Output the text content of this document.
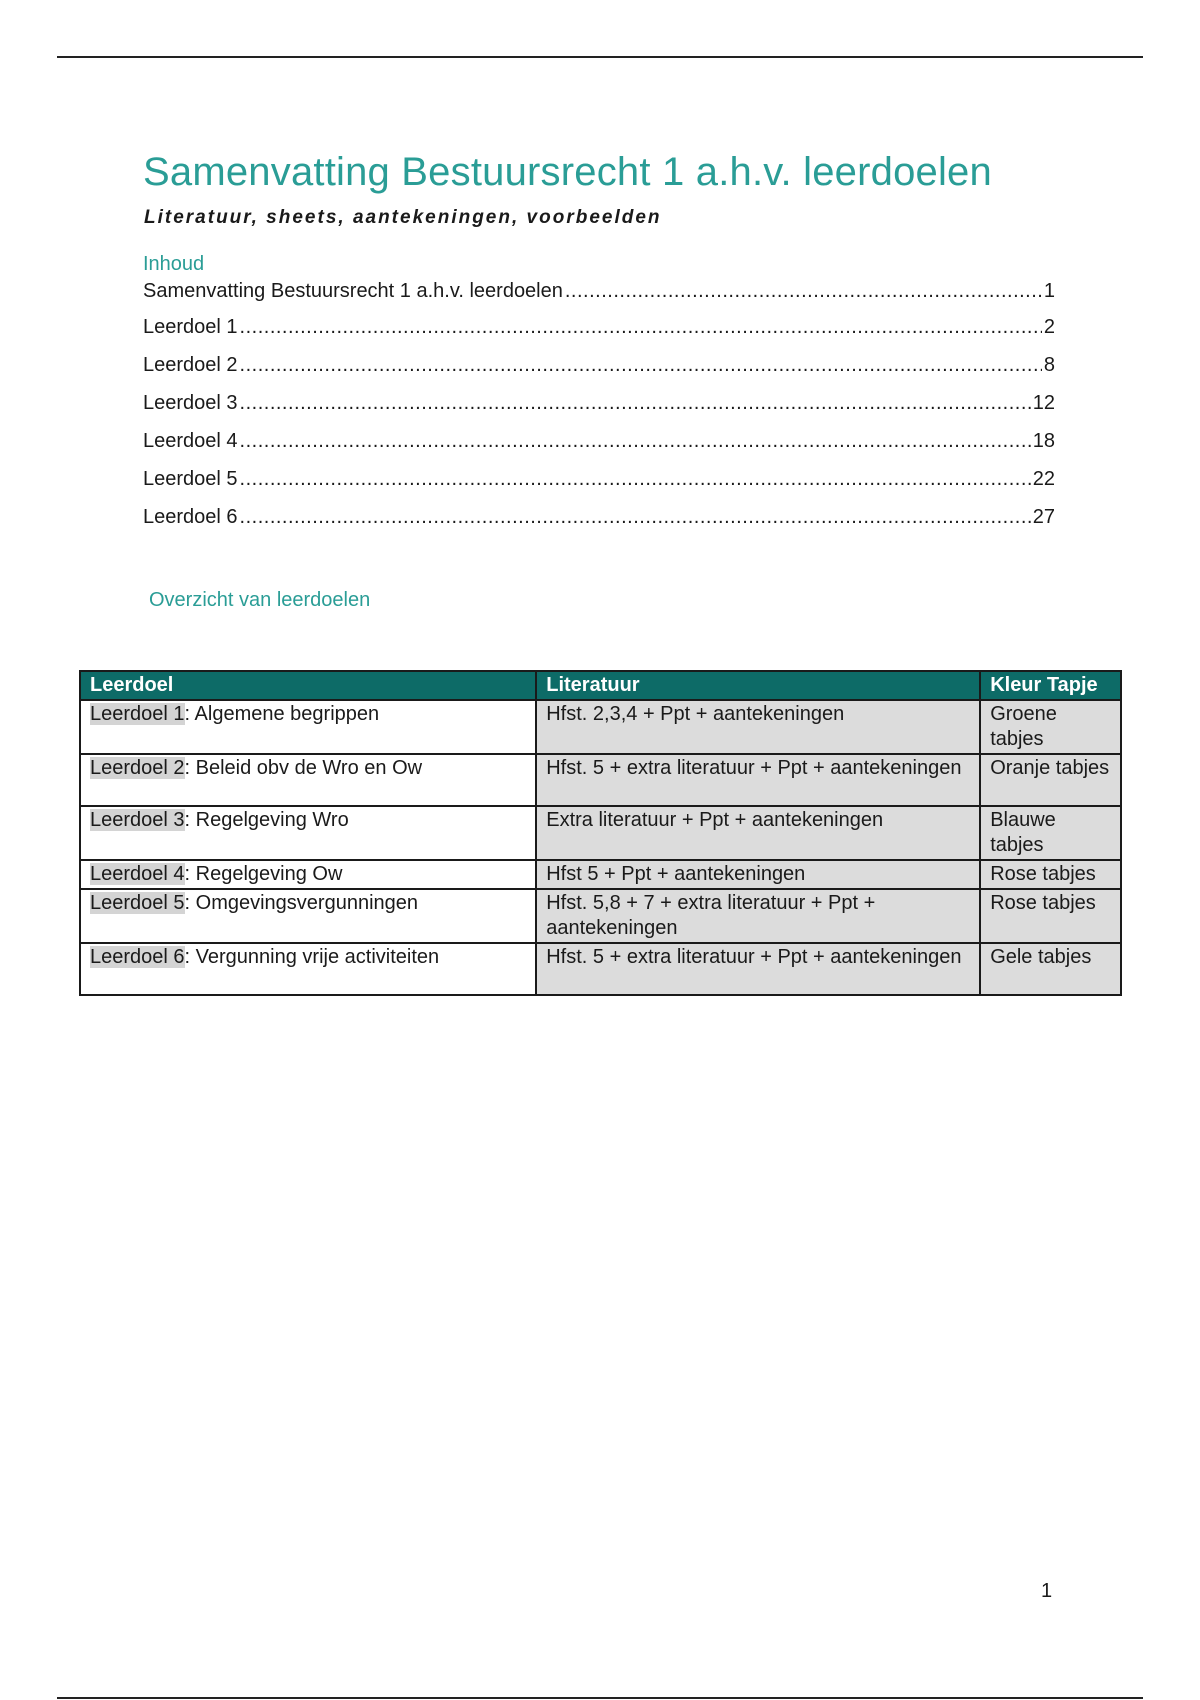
Samenvatting Bestuursrecht 1 a.h.v. leerdoelen

Literatuur, sheets, aantekeningen, voorbeelden

Inhoud
Samenvatting Bestuursrecht 1 a.h.v. leerdoelen .....	1
Leerdoel 1 .....	2
Leerdoel 2 .....	8
Leerdoel 3 .....	12
Leerdoel 4 .....	18
Leerdoel 5 .....	22
Leerdoel 6 .....	27
Overzicht van leerdoelen
Leerdoel	Literatuur	Kleur Tapje
Leerdoel 1: Algemene begrippen	Hfst. 2,3,4 + Ppt + aantekeningen	Groene tabjes
Leerdoel 2: Beleid obv de Wro en Ow	Hfst. 5 + extra literatuur + Ppt + aantekeningen	Oranje tabjes
Leerdoel 3: Regelgeving Wro	Extra literatuur + Ppt + aantekeningen	Blauwe tabjes
Leerdoel 4: Regelgeving Ow	Hfst 5 + Ppt + aantekeningen	Rose tabjes
Leerdoel 5: Omgevingsvergunningen	Hfst. 5,8 + 7 + extra literatuur + Ppt + aantekeningen	Rose tabjes
Leerdoel 6: Vergunning vrije activiteiten	Hfst. 5 + extra literatuur + Ppt + aantekeningen	Gele tabjes
1
